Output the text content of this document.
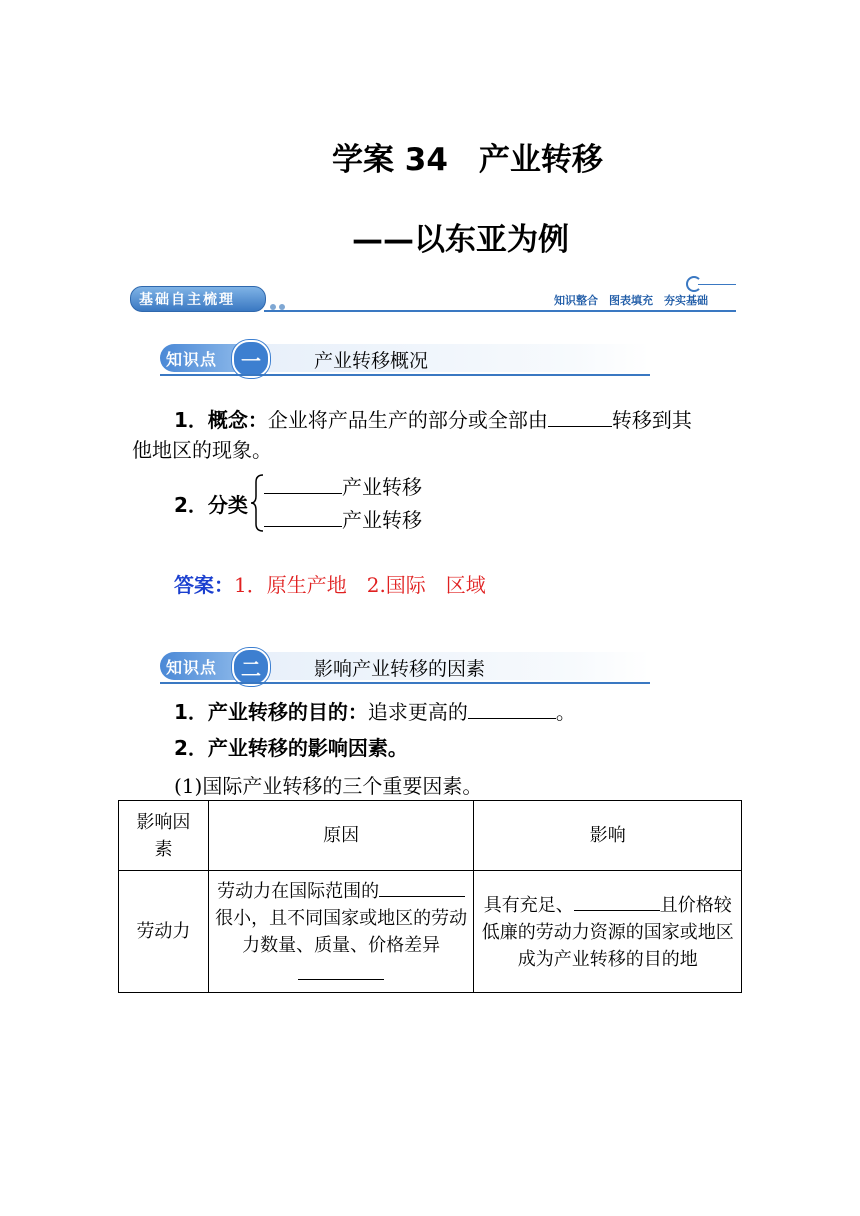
学案 34　产业转移
——以东亚为例
基础自主梳理	知识整合　图表填充　夯实基础
知识点	一	产业转移概况
1．概念：企业将产品生产的部分或全部由	转移到其
他地区的现象。
2．分类
产业转移
产业转移
答案：1．原生产地　2.国际　区域
知识点	二	影响产业转移的因素
1．产业转移的目的：追求更高的	。
2．产业转移的影响因素。
(1)国际产业转移的三个重要因素。
影响因素	原因	影响
劳动力	劳动力在国际范围的很小，且不同国家或地区的劳动力数量、质量、价格差异	具有充足、 且价格较低廉的劳动力资源的国家或地区成为产业转移的目的地
